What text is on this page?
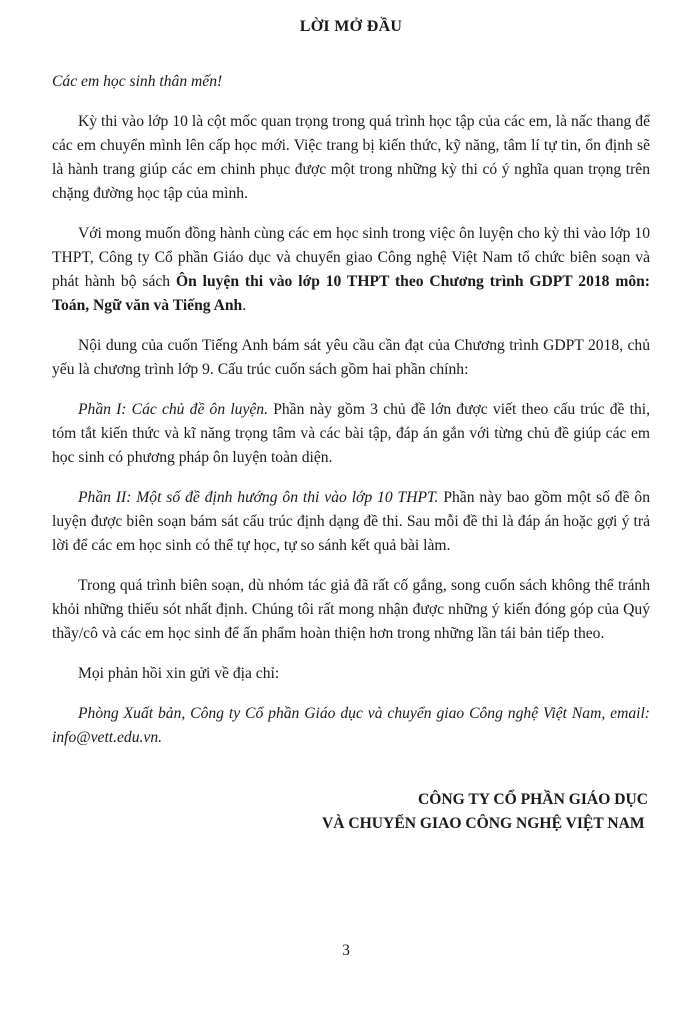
LỜI MỞ ĐẦU

Các em học sinh thân mến!

Kỳ thi vào lớp 10 là cột mốc quan trọng trong quá trình học tập của các em, là nấc thang để các em chuyển mình lên cấp học mới. Việc trang bị kiến thức, kỹ năng, tâm lí tự tin, ổn định sẽ là hành trang giúp các em chinh phục được một trong những kỳ thi có ý nghĩa quan trọng trên chặng đường học tập của mình.

Với mong muốn đồng hành cùng các em học sinh trong việc ôn luyện cho kỳ thi vào lớp 10 THPT, Công ty Cổ phần Giáo dục và chuyển giao Công nghệ Việt Nam tổ chức biên soạn và phát hành bộ sách Ôn luyện thi vào lớp 10 THPT theo Chương trình GDPT 2018 môn: Toán, Ngữ văn và Tiếng Anh.

Nội dung của cuốn Tiếng Anh bám sát yêu cầu cần đạt của Chương trình GDPT 2018, chủ yếu là chương trình lớp 9. Cấu trúc cuốn sách gồm hai phần chính:

Phần I: Các chủ đề ôn luyện. Phần này gồm 3 chủ đề lớn được viết theo cấu trúc đề thi, tóm tắt kiến thức và kĩ năng trọng tâm và các bài tập, đáp án gắn với từng chủ đề giúp các em học sinh có phương pháp ôn luyện toàn diện.

Phần II: Một số đề định hướng ôn thi vào lớp 10 THPT. Phần này bao gồm một số đề ôn luyện được biên soạn bám sát cấu trúc định dạng đề thi. Sau mỗi đề thi là đáp án hoặc gợi ý trả lời để các em học sinh có thể tự học, tự so sánh kết quả bài làm.

Trong quá trình biên soạn, dù nhóm tác giả đã rất cố gắng, song cuốn sách không thể tránh khỏi những thiếu sót nhất định. Chúng tôi rất mong nhận được những ý kiến đóng góp của Quý thầy/cô và các em học sinh để ấn phẩm hoàn thiện hơn trong những lần tái bản tiếp theo.

Mọi phản hồi xin gửi về địa chỉ:

Phòng Xuất bản, Công ty Cổ phần Giáo dục và chuyển giao Công nghệ Việt Nam, email: info@vett.edu.vn.

CÔNG TY CỔ PHẦN GIÁO DỤC
VÀ CHUYỂN GIAO CÔNG NGHỆ VIỆT NAM
3
